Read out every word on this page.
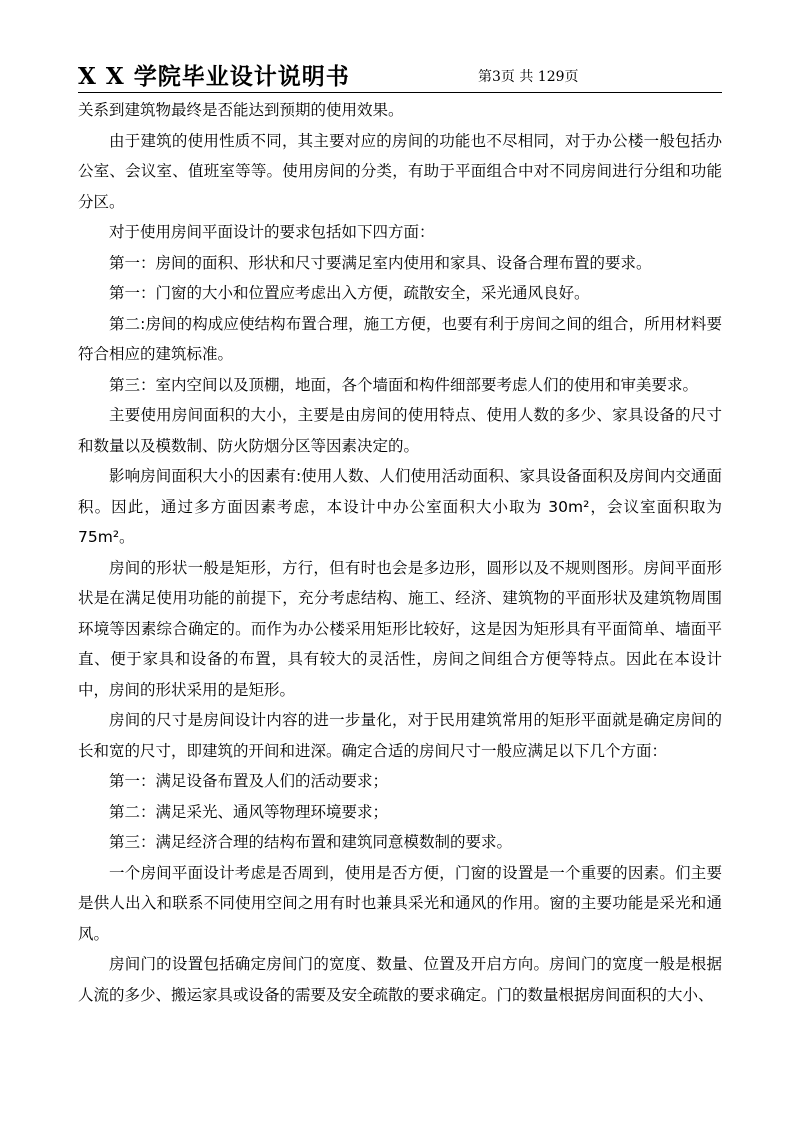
X X 学院毕业设计说明书	第3页 共 129页

关系到建筑物最终是否能达到预期的使用效果。

由于建筑的使用性质不同，其主要对应的房间的功能也不尽相同，对于办公楼一般包括办公室、会议室、值班室等等。使用房间的分类，有助于平面组合中对不同房间进行分组和功能分区。

对于使用房间平面设计的要求包括如下四方面：

第一：房间的面积、形状和尺寸要满足室内使用和家具、设备合理布置的要求。

第一：门窗的大小和位置应考虑出入方便，疏散安全，采光通风良好。

第二:房间的构成应使结构布置合理，施工方便，也要有利于房间之间的组合，所用材料要符合相应的建筑标准。

第三：室内空间以及顶棚，地面，各个墙面和构件细部要考虑人们的使用和审美要求。

主要使用房间面积的大小，主要是由房间的使用特点、使用人数的多少、家具设备的尺寸和数量以及模数制、防火防烟分区等因素决定的。

影响房间面积大小的因素有:使用人数、人们使用活动面积、家具设备面积及房间内交通面积。因此，通过多方面因素考虑，本设计中办公室面积大小取为 30m²，会议室面积取为 75m²。

房间的形状一般是矩形，方行，但有时也会是多边形，圆形以及不规则图形。房间平面形状是在满足使用功能的前提下，充分考虑结构、施工、经济、建筑物的平面形状及建筑物周围环境等因素综合确定的。而作为办公楼采用矩形比较好，这是因为矩形具有平面简单、墙面平直、便于家具和设备的布置，具有较大的灵活性，房间之间组合方便等特点。因此在本设计中，房间的形状采用的是矩形。

房间的尺寸是房间设计内容的进一步量化，对于民用建筑常用的矩形平面就是确定房间的长和宽的尺寸，即建筑的开间和进深。确定合适的房间尺寸一般应满足以下几个方面：

第一：满足设备布置及人们的活动要求；

第二：满足采光、通风等物理环境要求；

第三：满足经济合理的结构布置和建筑同意模数制的要求。

一个房间平面设计考虑是否周到，使用是否方便，门窗的设置是一个重要的因素。们主要是供人出入和联系不同使用空间之用有时也兼具采光和通风的作用。窗的主要功能是采光和通风。

房间门的设置包括确定房间门的宽度、数量、位置及开启方向。房间门的宽度一般是根据人流的多少、搬运家具或设备的需要及安全疏散的要求确定。门的数量根据房间面积的大小、
